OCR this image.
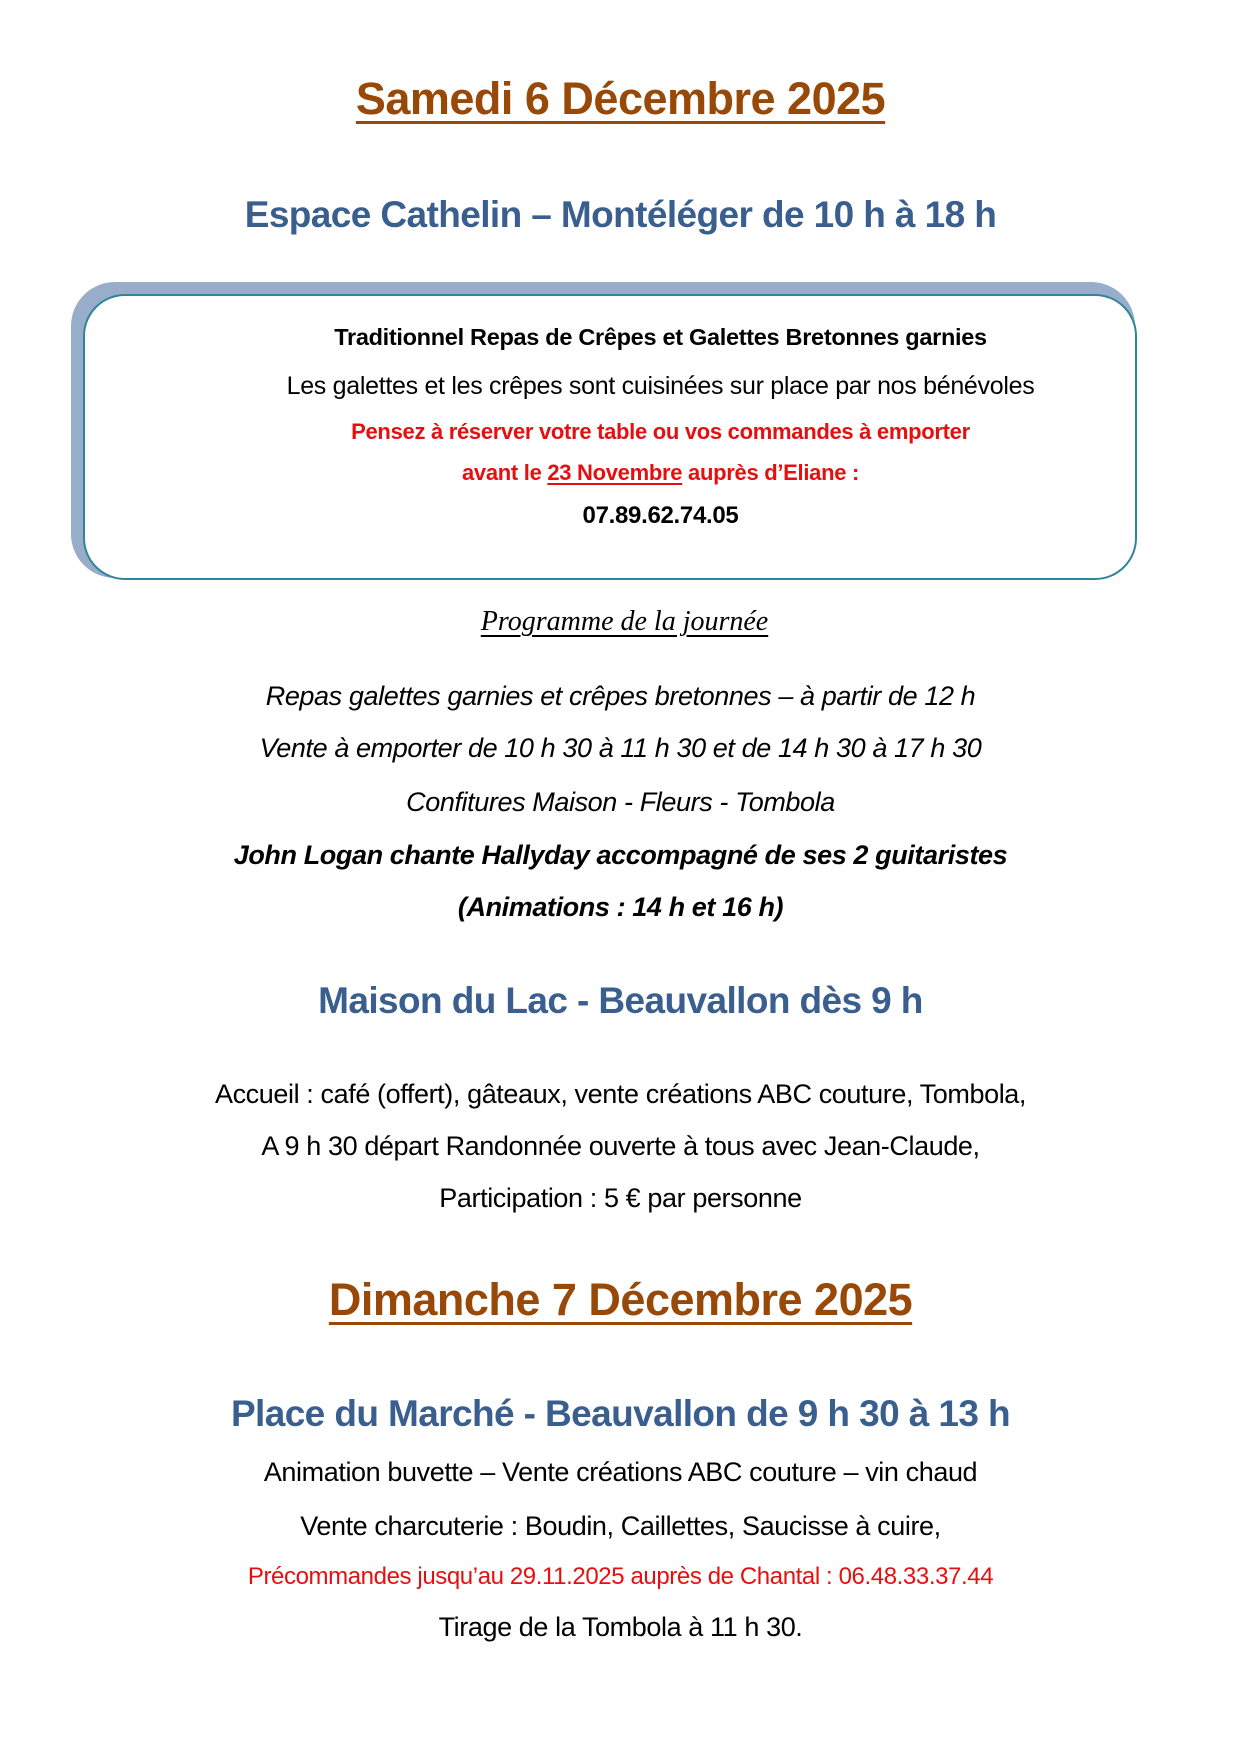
Samedi 6 Décembre 2025
Espace Cathelin – Montéléger de 10 h à 18 h
Traditionnel Repas de Crêpes et Galettes Bretonnes garnies
Les galettes et les crêpes sont cuisinées sur place par nos bénévoles
Pensez à réserver votre table ou vos commandes à emporter
avant le 23 Novembre auprès d’Eliane :
07.89.62.74.05
Programme de la journée
Repas galettes garnies et crêpes bretonnes – à partir de 12 h
Vente à emporter de 10 h 30 à 11 h 30 et de 14 h 30 à 17 h 30
Confitures Maison - Fleurs - Tombola
John Logan chante Hallyday accompagné de ses 2 guitaristes
(Animations : 14 h et 16 h)
Maison du Lac - Beauvallon dès 9 h
Accueil : café (offert), gâteaux, vente créations ABC couture, Tombola,
A 9 h 30 départ Randonnée ouverte à tous avec Jean-Claude,
Participation : 5 € par personne
Dimanche 7 Décembre 2025
Place du Marché - Beauvallon de 9 h 30 à 13 h
Animation buvette – Vente créations ABC couture – vin chaud
Vente charcuterie : Boudin, Caillettes, Saucisse à cuire,
Précommandes jusqu’au 29.11.2025 auprès de Chantal : 06.48.33.37.44
Tirage de la Tombola à 11 h 30.
